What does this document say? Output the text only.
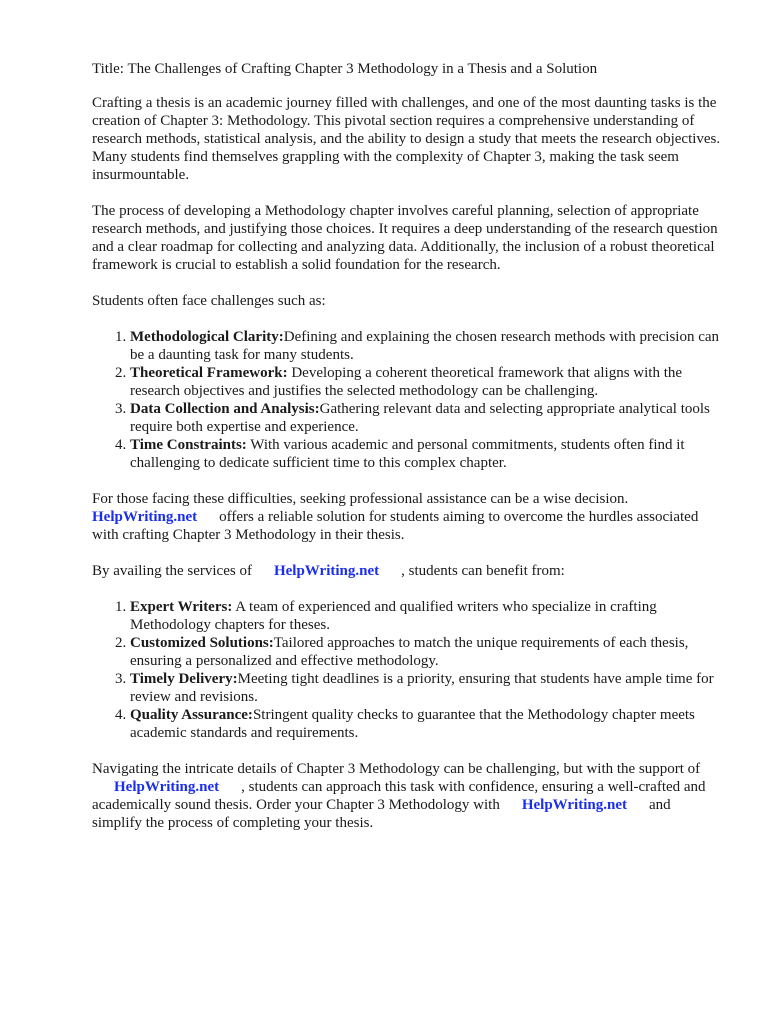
Title: The Challenges of Crafting Chapter 3 Methodology in a Thesis and a Solution

Crafting a thesis is an academic journey filled with challenges, and one of the most daunting tasks is the creation of Chapter 3: Methodology. This pivotal section requires a comprehensive understanding of research methods, statistical analysis, and the ability to design a study that meets the research objectives. Many students find themselves grappling with the complexity of Chapter 3, making the task seem insurmountable.

The process of developing a Methodology chapter involves careful planning, selection of appropriate research methods, and justifying those choices. It requires a deep understanding of the research question and a clear roadmap for collecting and analyzing data. Additionally, the inclusion of a robust theoretical framework is crucial to establish a solid foundation for the research.

Students often face challenges such as:

1. Methodological Clarity:Defining and explaining the chosen research methods with precision can be a daunting task for many students.
2. Theoretical Framework: Developing a coherent theoretical framework that aligns with the research objectives and justifies the selected methodology can be challenging.
3. Data Collection and Analysis:Gathering relevant data and selecting appropriate analytical tools require both expertise and experience.
4. Time Constraints: With various academic and personal commitments, students often find it challenging to dedicate sufficient time to this complex chapter.

For those facing these difficulties, seeking professional assistance can be a wise decision.
HelpWriting.net offers a reliable solution for students aiming to overcome the hurdles associated with crafting Chapter 3 Methodology in their thesis.

By availing the services of HelpWriting.net , students can benefit from:

1. Expert Writers: A team of experienced and qualified writers who specialize in crafting Methodology chapters for theses.
2. Customized Solutions:Tailored approaches to match the unique requirements of each thesis, ensuring a personalized and effective methodology.
3. Timely Delivery:Meeting tight deadlines is a priority, ensuring that students have ample time for review and revisions.
4. Quality Assurance:Stringent quality checks to guarantee that the Methodology chapter meets academic standards and requirements.

Navigating the intricate details of Chapter 3 Methodology can be challenging, but with the support ofHelpWriting.net , students can approach this task with confidence, ensuring a well-crafted and academically sound thesis. Order your Chapter 3 Methodology with HelpWriting.net and simplify the process of completing your thesis.
